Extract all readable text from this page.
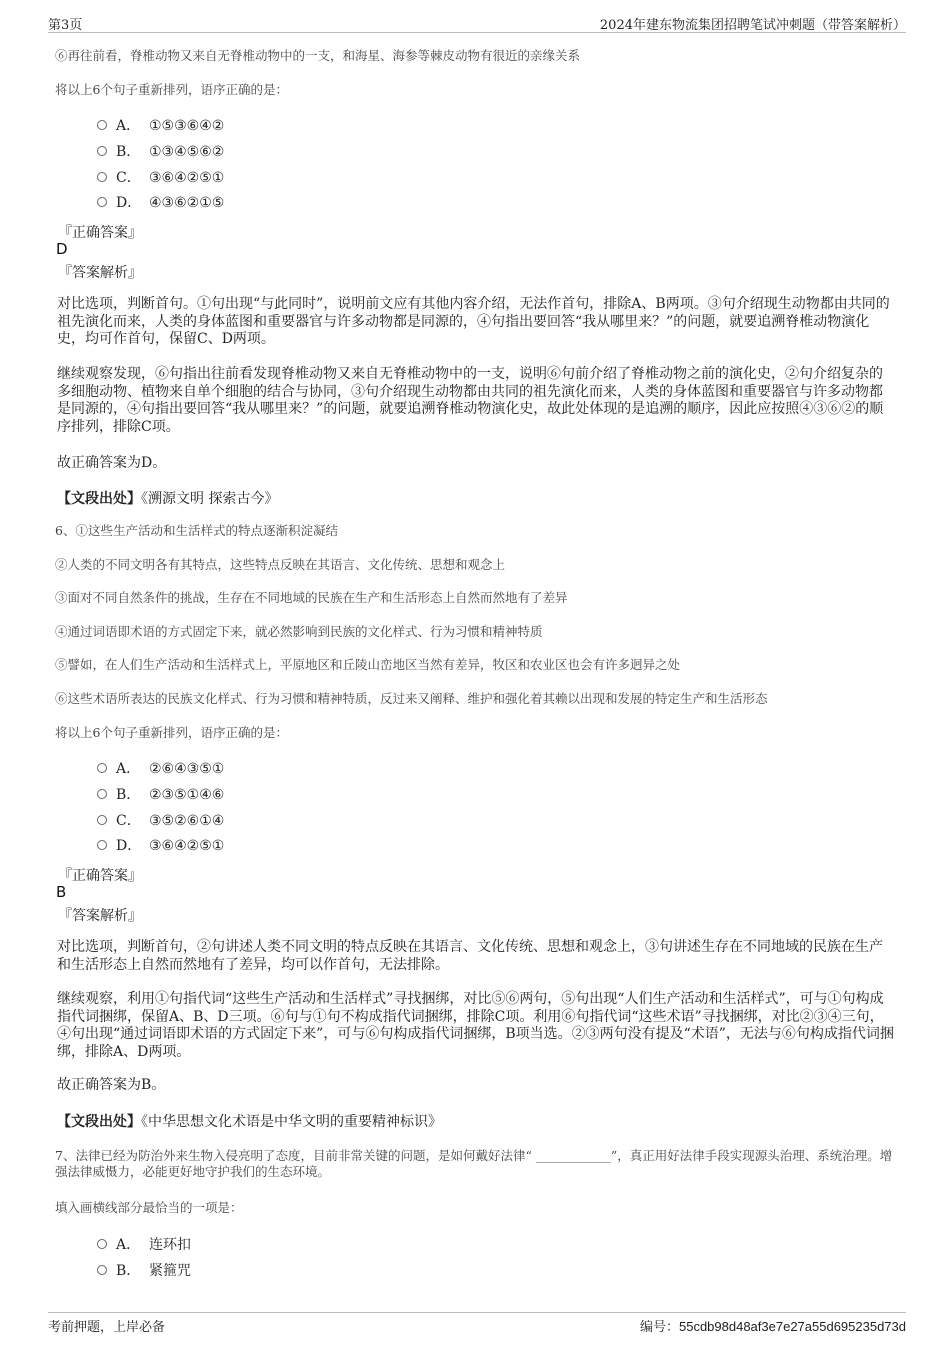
第3页	2024年建东物流集团招聘笔试冲刺题（带答案解析）
⑥再往前看，脊椎动物又来自无脊椎动物中的一支，和海星、海参等棘皮动物有很近的亲缘关系
将以上6个句子重新排列，语序正确的是：
A． ①⑤③⑥④②
B． ①③④⑤⑥②
C． ③⑥④②⑤①
D． ④③⑥②①⑤
『正确答案』
D
『答案解析』
对比选项，判断首句。①句出现“与此同时”，说明前文应有其他内容介绍，无法作首句，排除A、B两项。③句介绍现生动物都由共同的祖先演化而来，人类的身体蓝图和重要器官与许多动物都是同源的，④句指出要回答“我从哪里来？”的问题，就要追溯脊椎动物演化史，均可作首句，保留C、D两项。
继续观察发现，⑥句指出往前看发现脊椎动物又来自无脊椎动物中的一支，说明⑥句前介绍了脊椎动物之前的演化史，②句介绍复杂的多细胞动物、植物来自单个细胞的结合与协同，③句介绍现生动物都由共同的祖先演化而来，人类的身体蓝图和重要器官与许多动物都是同源的，④句指出要回答“我从哪里来？”的问题，就要追溯脊椎动物演化史，故此处体现的是追溯的顺序，因此应按照④③⑥②的顺序排列，排除C项。
故正确答案为D。
【文段出处】《溯源文明 探索古今》
6、①这些生产活动和生活样式的特点逐渐积淀凝结
②人类的不同文明各有其特点，这些特点反映在其语言、文化传统、思想和观念上
③面对不同自然条件的挑战，生存在不同地域的民族在生产和生活形态上自然而然地有了差异
④通过词语即术语的方式固定下来，就必然影响到民族的文化样式、行为习惯和精神特质
⑤譬如，在人们生产活动和生活样式上，平原地区和丘陵山峦地区当然有差异，牧区和农业区也会有许多迥异之处
⑥这些术语所表达的民族文化样式、行为习惯和精神特质，反过来又阐释、维护和强化着其赖以出现和发展的特定生产和生活形态
将以上6个句子重新排列，语序正确的是：
A． ②⑥④③⑤①
B． ②③⑤①④⑥
C． ③⑤②⑥①④
D． ③⑥④②⑤①
『正确答案』
B
『答案解析』
对比选项，判断首句，②句讲述人类不同文明的特点反映在其语言、文化传统、思想和观念上，③句讲述生存在不同地域的民族在生产和生活形态上自然而然地有了差异，均可以作首句，无法排除。
继续观察，利用①句指代词“这些生产活动和生活样式”寻找捆绑，对比⑤⑥两句，⑤句出现“人们生产活动和生活样式”，可与①句构成指代词捆绑，保留A、B、D三项。⑥句与①句不构成指代词捆绑，排除C项。利用⑥句指代词“这些术语”寻找捆绑，对比②③④三句，④句出现“通过词语即术语的方式固定下来”，可与⑥句构成指代词捆绑，B项当选。②③两句没有提及“术语”，无法与⑥句构成指代词捆绑，排除A、D两项。
故正确答案为B。
【文段出处】《中华思想文化术语是中华文明的重要精神标识》
7、法律已经为防治外来生物入侵亮明了态度，目前非常关键的问题，是如何戴好法律“ ____________”，真正用好法律手段实现源头治理、系统治理。增强法律威慑力，必能更好地守护我们的生态环境。
填入画横线部分最恰当的一项是：
A． 连环扣
B． 紧箍咒
考前押题，上岸必备	编号：55cdb98d48af3e7e27a55d695235d73d
